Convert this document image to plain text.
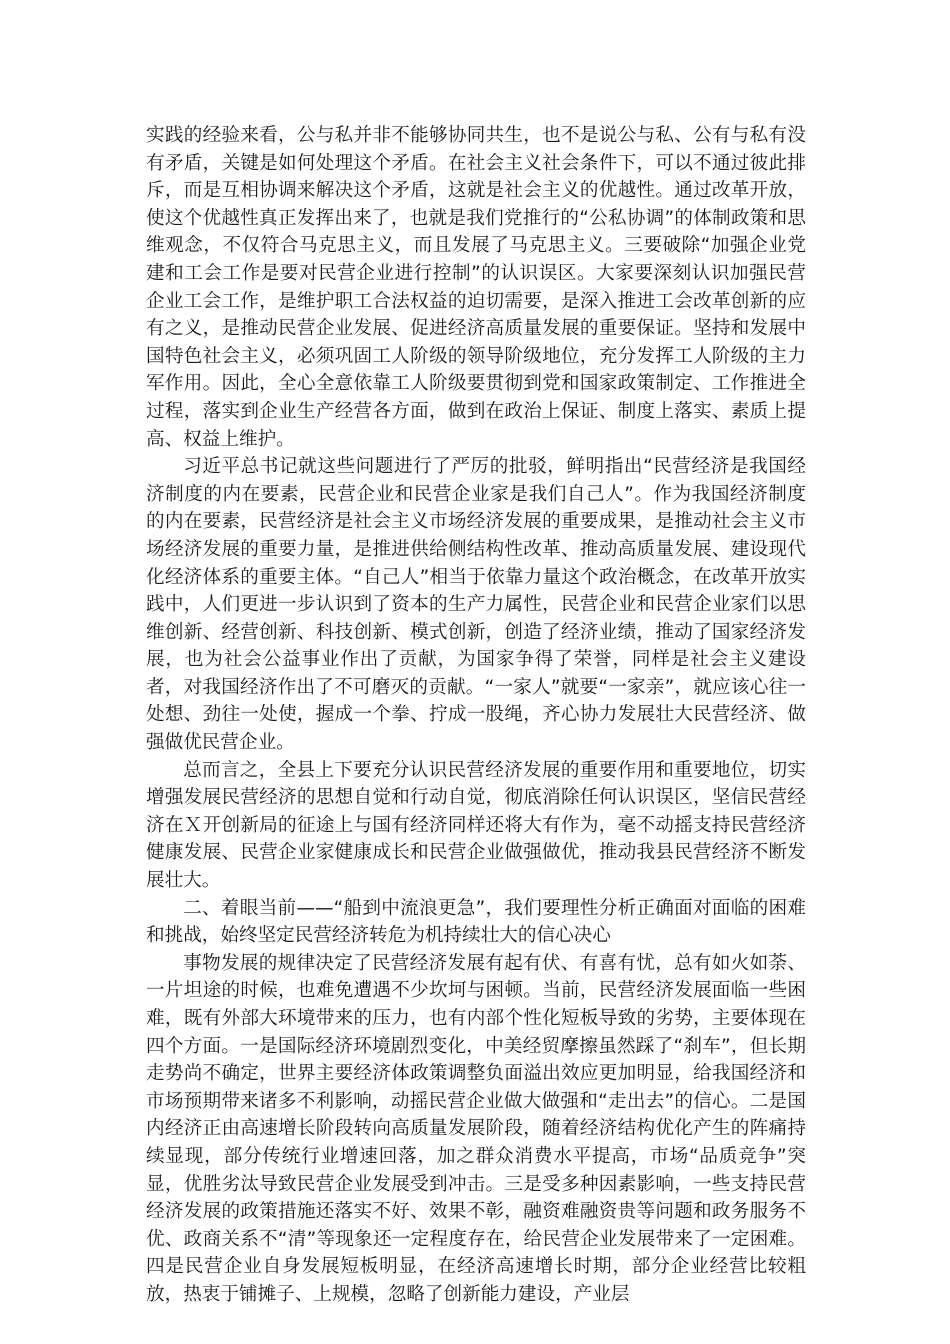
实践的经验来看，公与私并非不能够协同共生，也不是说公与私、公有与私有没有矛盾，关键是如何处理这个矛盾。在社会主义社会条件下，可以不通过彼此排斥，而是互相协调来解决这个矛盾，这就是社会主义的优越性。通过改革开放，使这个优越性真正发挥出来了，也就是我们党推行的“公私协调”的体制政策和思维观念，不仅符合马克思主义，而且发展了马克思主义。三要破除“加强企业党建和工会工作是要对民营企业进行控制”的认识误区。大家要深刻认识加强民营企业工会工作，是维护职工合法权益的迫切需要，是深入推进工会改革创新的应有之义，是推动民营企业发展、促进经济高质量发展的重要保证。坚持和发展中国特色社会主义，必须巩固工人阶级的领导阶级地位，充分发挥工人阶级的主力军作用。因此，全心全意依靠工人阶级要贯彻到党和国家政策制定、工作推进全过程，落实到企业生产经营各方面，做到在政治上保证、制度上落实、素质上提高、权益上维护。

习近平总书记就这些问题进行了严厉的批驳，鲜明指出“民营经济是我国经济制度的内在要素，民营企业和民营企业家是我们自己人”。作为我国经济制度的内在要素，民营经济是社会主义市场经济发展的重要成果，是推动社会主义市场经济发展的重要力量，是推进供给侧结构性改革、推动高质量发展、建设现代化经济体系的重要主体。“自己人”相当于依靠力量这个政治概念，在改革开放实践中，人们更进一步认识到了资本的生产力属性，民营企业和民营企业家们以思维创新、经营创新、科技创新、模式创新，创造了经济业绩，推动了国家经济发展，也为社会公益事业作出了贡献，为国家争得了荣誉，同样是社会主义建设者，对我国经济作出了不可磨灭的贡献。“一家人”就要“一家亲”，就应该心往一处想、劲往一处使，握成一个拳、拧成一股绳，齐心协力发展壮大民营经济、做强做优民营企业。

总而言之，全县上下要充分认识民营经济发展的重要作用和重要地位，切实增强发展民营经济的思想自觉和行动自觉，彻底消除任何认识误区，坚信民营经济在Ｘ开创新局的征途上与国有经济同样还将大有作为，毫不动摇支持民营经济健康发展、民营企业家健康成长和民营企业做强做优，推动我县民营经济不断发展壮大。

二、着眼当前——“船到中流浪更急”，我们要理性分析正确面对面临的困难和挑战，始终坚定民营经济转危为机持续壮大的信心决心

事物发展的规律决定了民营经济发展有起有伏、有喜有忧，总有如火如荼、一片坦途的时候，也难免遭遇不少坎坷与困顿。当前，民营经济发展面临一些困难，既有外部大环境带来的压力，也有内部个性化短板导致的劣势，主要体现在四个方面。一是国际经济环境剧烈变化，中美经贸摩擦虽然踩了“刹车”，但长期走势尚不确定，世界主要经济体政策调整负面溢出效应更加明显，给我国经济和市场预期带来诸多不利影响，动摇民营企业做大做强和“走出去”的信心。二是国内经济正由高速增长阶段转向高质量发展阶段，随着经济结构优化产生的阵痛持续显现，部分传统行业增速回落，加之群众消费水平提高，市场“品质竞争”突显，优胜劣汰导致民营企业发展受到冲击。三是受多种因素影响，一些支持民营经济发展的政策措施还落实不好、效果不彰，融资难融资贵等问题和政务服务不优、政商关系不“清”等现象还一定程度存在，给民营企业发展带来了一定困难。四是民营企业自身发展短板明显，在经济高速增长时期，部分企业经营比较粗放，热衷于铺摊子、上规模，忽略了创新能力建设，产业层
